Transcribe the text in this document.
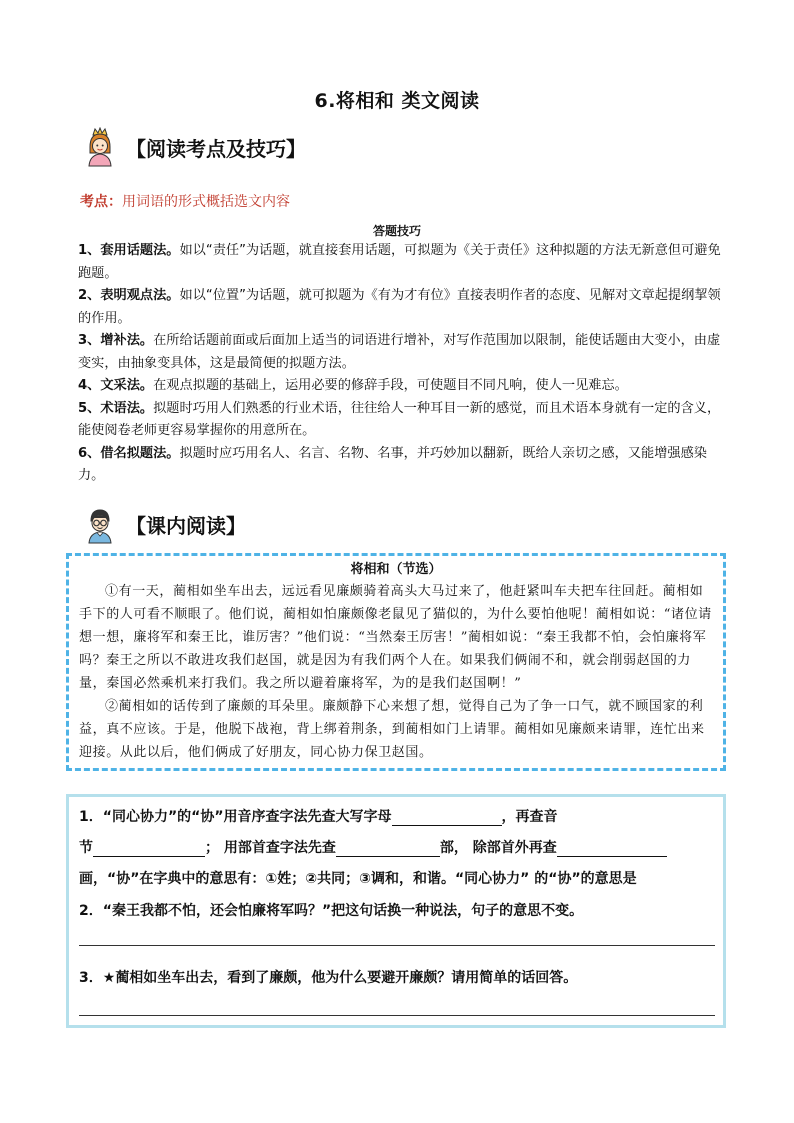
6.将相和 类文阅读
【阅读考点及技巧】
考点：用词语的形式概括选文内容
答题技巧

1、套用话题法。如以“责任”为话题，就直接套用话题，可拟题为《关于责任》这种拟题的方法无新意但可避免跑题。

2、表明观点法。如以“位置”为话题，就可拟题为《有为才有位》直接表明作者的态度、见解对文章起提纲挈领的作用。

3、增补法。在所给话题前面或后面加上适当的词语进行增补，对写作范围加以限制，能使话题由大变小，由虚变实，由抽象变具体，这是最简便的拟题方法。

4、文采法。在观点拟题的基础上，运用必要的修辞手段，可使题目不同凡响，使人一见难忘。

5、术语法。拟题时巧用人们熟悉的行业术语，往往给人一种耳目一新的感觉，而且术语本身就有一定的含义，能使阅卷老师更容易掌握你的用意所在。

6、借名拟题法。拟题时应巧用名人、名言、名物、名事，并巧妙加以翻新，既给人亲切之感，又能增强感染力。

【课内阅读】
将相和（节选）

①有一天，蔺相如坐车出去，远远看见廉颇骑着高头大马过来了，他赶紧叫车夫把车往回赶。蔺相如手下的人可看不顺眼了。他们说，蔺相如怕廉颇像老鼠见了猫似的，为什么要怕他呢！蔺相如说：“诸位请想一想，廉将军和秦王比，谁厉害？”他们说：“当然秦王厉害！”蔺相如说：“秦王我都不怕，会怕廉将军吗？秦王之所以不敢进攻我们赵国，就是因为有我们两个人在。如果我们俩闹不和，就会削弱赵国的力量，秦国必然乘机来打我们。我之所以避着廉将军，为的是我们赵国啊！”

②蔺相如的话传到了廉颇的耳朵里。廉颇静下心来想了想，觉得自己为了争一口气，就不顾国家的利益，真不应该。于是，他脱下战袍，背上绑着荆条，到蔺相如门上请罪。蔺相如见廉颇来请罪，连忙出来迎接。从此以后，他们俩成了好朋友，同心协力保卫赵国。

1．“同心协力”的“协”用音序查字法先查大写字母	，再查音
节	； 用部首查字法先查	部， 除部首外再查
画，“协”在字典中的意思有：①姓；②共同；③调和，和谐。“同心协力” 的“协”的意思是
2．“秦王我都不怕，还会怕廉将军吗？”把这句话换一种说法，句子的意思不变。
3．★蔺相如坐车出去，看到了廉颇，他为什么要避开廉颇？请用简单的话回答。
